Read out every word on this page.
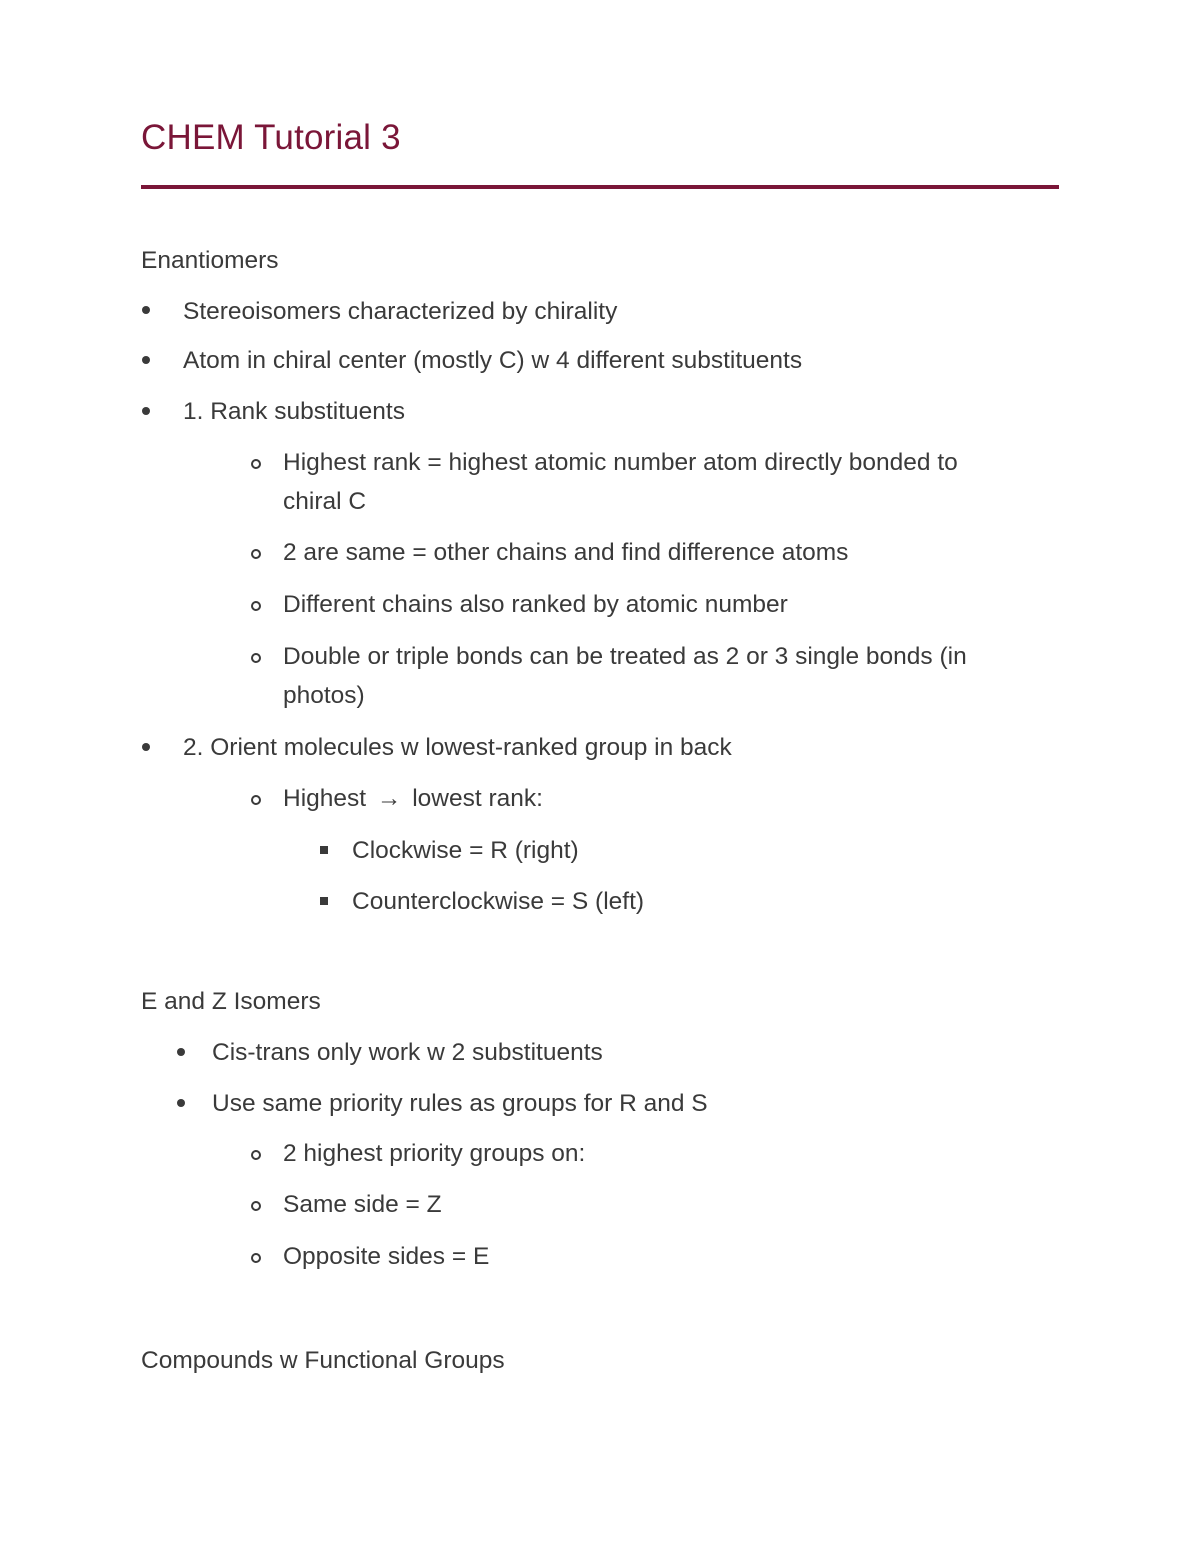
CHEM Tutorial 3
Enantiomers
Stereoisomers characterized by chirality
Atom in chiral center (mostly C) w 4 different substituents
1. Rank substituents
Highest rank = highest atomic number atom directly bonded to
chiral C
2 are same = other chains and find difference atoms
Different chains also ranked by atomic number
Double or triple bonds can be treated as 2 or 3 single bonds (in
photos)
2. Orient molecules w lowest-ranked group in back
Highest → lowest rank:
Clockwise = R (right)
Counterclockwise = S (left)
E and Z Isomers
Cis-trans only work w 2 substituents
Use same priority rules as groups for R and S
2 highest priority groups on:
Same side = Z
Opposite sides = E
Compounds w Functional Groups
